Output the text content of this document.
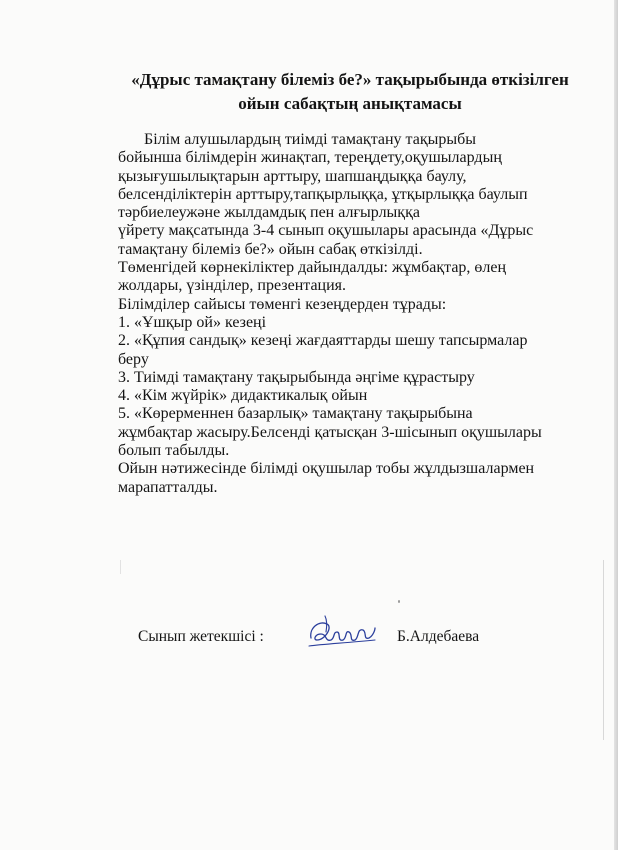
«Дұрыс тамақтану білеміз бе?» тақырыбында өткізілген
ойын сабақтың анықтамасы
Білім алушылардың тиімді тамақтану тақырыбы
бойынша білімдерін жинақтап, тереңдету,оқушылардың
қызығушылықтарын арттыру, шапшаңдыққа баулу,
белсенділіктерін арттыру,тапқырлыққа, ұтқырлыққа баулып
тәрбиелеужәне жылдамдық пен алғырлыққа
үйрету мақсатында 3-4 сынып оқушылары арасында «Дұрыс
тамақтану білеміз бе?» ойын сабақ өткізілді.
Төменгідей көрнекіліктер дайындалды: жұмбақтар, өлең
жолдары, үзінділер, презентация.
Білімділер сайысы төменгі кезеңдерден тұрады:
1. «Ұшқыр ой» кезеңі
2. «Құпия сандық» кезеңі жағдаяттарды шешу тапсырмалар
беру
3. Тиімді тамақтану тақырыбында әңгіме құрастыру
4. «Кім жүйрік» дидактикалық ойын
5. «Көрерменнен базарлық» тамақтану тақырыбына
жұмбақтар жасыру.Белсенді қатысқан 3-шісынып оқушылары
болып табылды.
Ойын нәтижесінде білімді оқушылар тобы жұлдызшалармен
марапатталды.
Сынып жетекшісі :	Б.Алдебаева
